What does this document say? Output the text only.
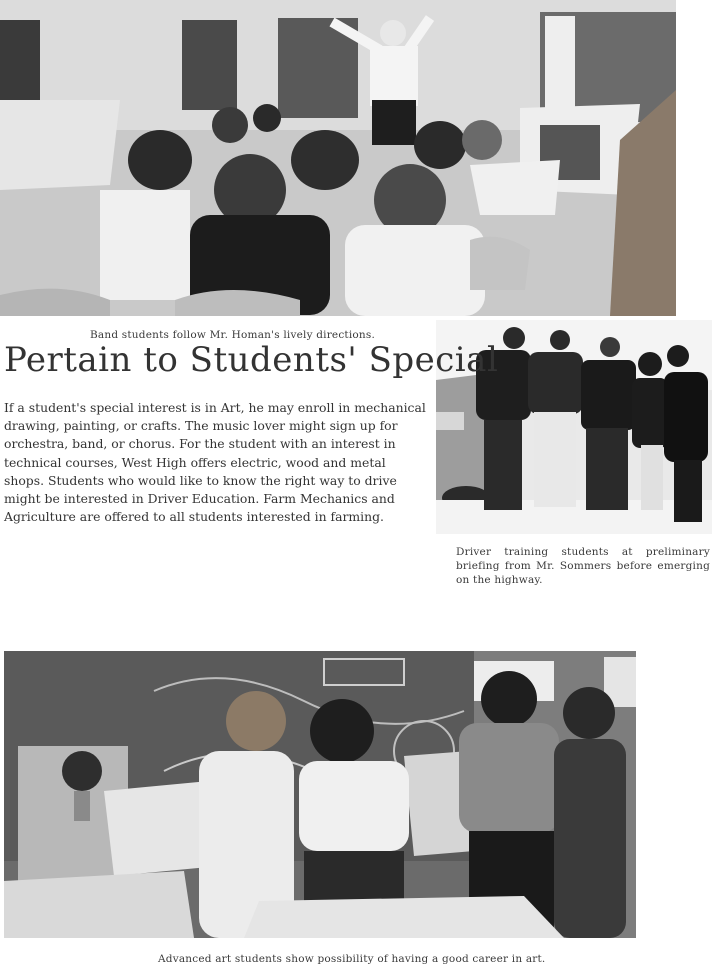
Band students follow Mr. Homan's lively directions.
Driver training students at preliminary briefing from Mr. Sommers before emerging on the highway.
Pertain to Students' Special

If a student's special interest is in Art, he may enroll in mechanical drawing, painting, or crafts. The music lover might sign up for orchestra, band, or chorus. For the student with an interest in technical courses, West High offers electric, wood and metal shops. Students who would like to know the right way to drive might be interested in Driver Education. Farm Mechanics and Agriculture are offered to all students interested in farming.

Advanced art students show possibility of having a good career in art.
